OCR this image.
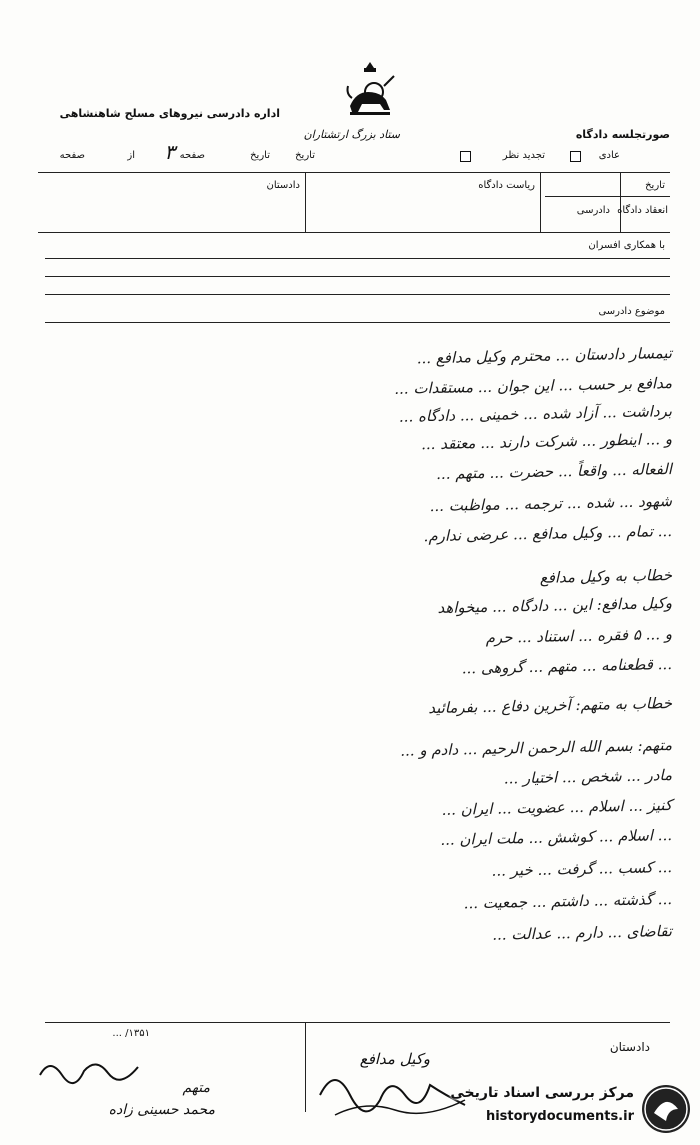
ستاد بزرگ ارتشتاران
اداره دادرسی نیروهای مسلح شاهنشاهی
صورتجلسه دادگاه
عادی
تجدید نظر
تاریخ
تاریخ
صفحه
۳
از
صفحه
تاریخ
انعقاد دادگاه
دادرسی
ریاست دادگاه
دادستان
با همکاری افسران
موضوع دادرسی
تیمسار دادستان ... محترم وکیل مدافع ...
مدافع بر حسب ... این جوان ... مستقدات ...
برداشت ... آزاد شده ... خمینی ... دادگاه ...
و ... اینطور ... شرکت دارند ... معتقد ...
الفعاله ... واقعاً ... حضرت ... متهم ...
شهود ... شده ... ترجمه ... مواظبت ...
... تمام ... وکیل مدافع ... عرضی ندارم.
خطاب به وکیل مدافع
وکیل مدافع: این ... دادگاه ... میخواهد
و ... ۵ فقره ... استناد ... حرم
... قطعنامه ... متهم ... گروهی ...
خطاب به متهم: آخرین دفاع ... بفرمائید
متهم: بسم الله الرحمن الرحیم ... دادم و ...
مادر ... شخص ... اختیار ...
کنیز ... اسلام ... عضویت ... ایران ...
... اسلام ... کوشش ... ملت ایران ...
... کسب ... گرفت ... خیر ...
... گذشته ... داشتم ... جمعیت ...
تقاضای ... دارم ... عدالت ...
۱۳۵۱/ ...
دادستان
وکیل مدافع
متهم
محمد حسینی زاده
مرکز بررسی اسناد تاریخی
historydocuments.ir
